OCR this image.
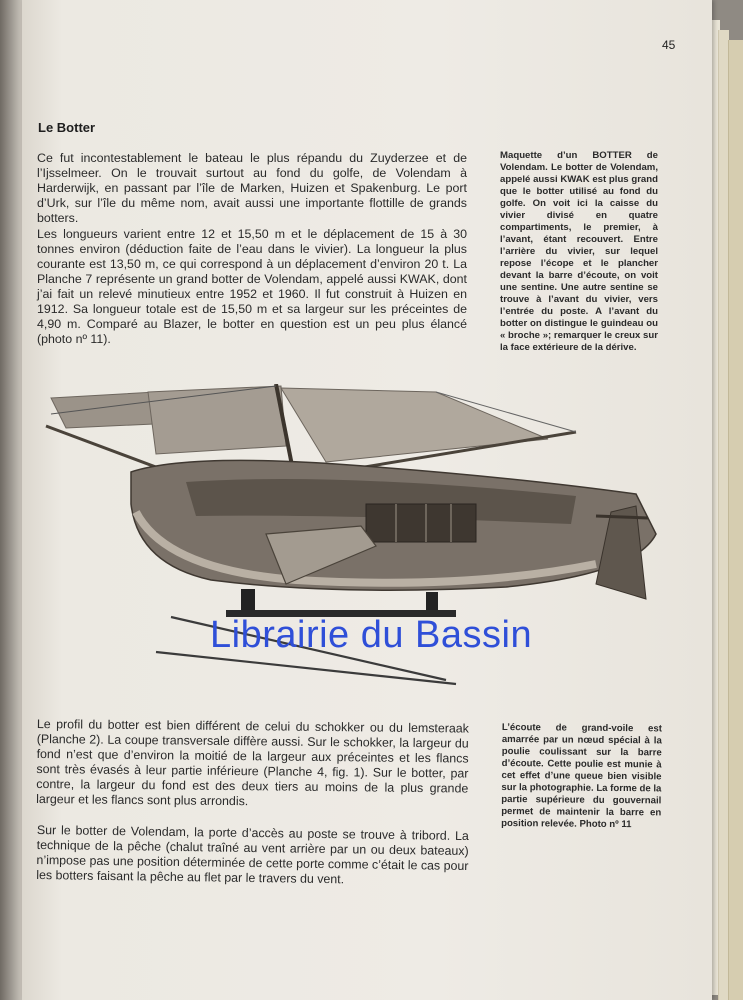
45
Le Botter

Ce fut incontestablement le bateau le plus répandu du Zuyderzee et de l’Ijsselmeer. On le trouvait surtout au fond du golfe, de Volendam à Harderwijk, en passant par l’île de Marken, Huizen et Spakenburg. Le port d’Urk, sur l’île du même nom, avait aussi une importante flottille de grands botters.

Les longueurs varient entre 12 et 15,50 m et le déplacement de 15 à 30 tonnes environ (déduction faite de l’eau dans le vivier). La longueur la plus courante est 13,50 m, ce qui correspond à un déplacement d’environ 20 t. La Planche 7 représente un grand botter de Volendam, appelé aussi KWAK, dont j’ai fait un relevé minutieux entre 1952 et 1960. Il fut construit à Huizen en 1912. Sa longueur totale est de 15,50 m et sa largeur sur les préceintes de 4,90 m. Comparé au Blazer, le botter en question est un peu plus élancé (photo nº 11).

Maquette d’un BOTTER de Volendam. Le botter de Volendam, appelé aussi KWAK est plus grand que le botter utilisé au fond du golfe. On voit ici la caisse du vivier divisé en quatre compartiments, le premier, à l’avant, étant recouvert. Entre l’arrière du vivier, sur lequel repose l’écope et le plancher devant la barre d’écoute, on voit une sentine. Une autre sentine se trouve à l’avant du vivier, vers l’entrée du poste. A l’avant du botter on distingue le guindeau ou « broche »; remarquer le creux sur la face extérieure de la dérive.

Librairie du Bassin

Le profil du botter est bien différent de celui du schokker ou du lemsteraak (Planche 2). La coupe transversale diffère aussi. Sur le schokker, la largeur du fond n’est que d’environ la moitié de la largeur aux préceintes et les flancs sont très évasés à leur partie inférieure (Planche 4, fig. 1). Sur le botter, par contre, la largeur du fond est des deux tiers au moins de la plus grande largeur et les flancs sont plus arrondis.

Sur le botter de Volendam, la porte d’accès au poste se trouve à tribord. La technique de la pêche (chalut traîné au vent arrière par un ou deux bateaux) n’impose pas une position déterminée de cette porte comme c’était le cas pour les botters faisant la pêche au flet par le travers du vent.

L’écoute de grand-voile est amarrée par un nœud spécial à la poulie coulissant sur la barre d’écoute. Cette poulie est munie à cet effet d’une queue bien visible sur la photographie. La forme de la partie supérieure du gouvernail permet de maintenir la barre en position relevée. Photo nº 11
